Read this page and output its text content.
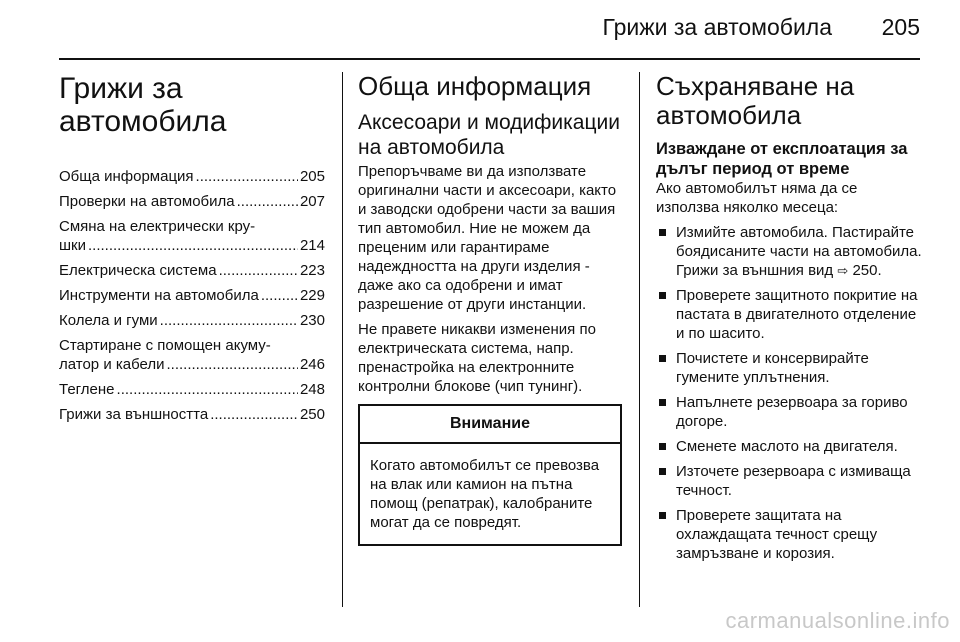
Грижи за автомобила 205
Грижи за автомобила
Обща информация .....	205
Проверки на автомобила .....	207
Смяна на електрически кру-
шки .....	214
Електрическа система .....	223
Инструменти на автомобила .....	229
Колела и гуми .....	230
Стартиране с помощен акуму-
латор и кабели .....	246
Теглене .....	248
Грижи за външността .....	250
Обща информация
Аксесоари и модификации на автомобила

Препоръчваме ви да използвате оригинални части и аксесоари, както и заводски одобрени части за вашия тип автомобил. Ние не можем да преценим или гарантираме надеждността на други изделия - даже ако са одобрени и имат разрешение от други инстанции.

Не правете никакви изменения по електрическата система, напр. пренастройка на електронните контролни блокове (чип тунинг).

Внимание
Когато автомобилът се превозва на влак или камион на пътна помощ (репатрак), калобраните могат да се повредят.
Съхраняване на автомобила
Изваждане от експлоатация за дълъг период от време

Ако автомобилът няма да се използва няколко месеца:

Измийте автомобила. Пастирайте боядисаните части на автомобила. Грижи за външния вид ⇨ 250.
Проверете защитното покритие на пастата в двигателното отделение и по шасито.
Почистете и консервирайте гумените уплътнения.
Напълнете резервоара за гориво догоре.
Сменете маслото на двигателя.
Източете резервоара с измиваща течност.
Проверете защитата на охлаждащата течност срещу замръзване и корозия.
carmanualsonline.info
